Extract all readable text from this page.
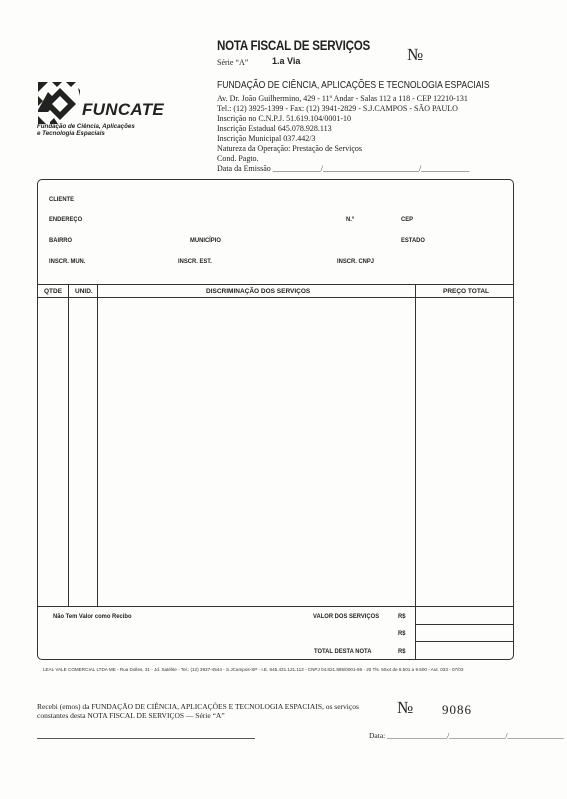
FUNCATE
Fundação de Ciência, Aplicações
e Tecnologia Espaciais
NOTA FISCAL DE SERVIÇOS
Série “A”	1.a Via	№
FUNDAÇÃO DE CIÊNCIA, APLICAÇÕES E TECNOLOGIA ESPACIAIS
Av. Dr. João Guilhermino, 429 - 11º Andar - Salas 112 a 118 - CEP 12210-131
Tel.: (12) 3925-1399 - Fax: (12) 3941-2829 - S.J.CAMPOS - SÃO PAULO
Inscrição no C.N.P.J. 51.619.104/0001-10
Inscrição Estadual 645.078.928.113
Inscrição Municipal 037.442/3
Natureza da Operação: Prestação de Serviços
Cond. Pagto.
Data da Emissão ____________/________________________/____________
CLIENTE
ENDEREÇO	N.º	CEP
BAIRRO	MUNICÍPIO	ESTADO
INSCR. MUN.	INSCR. EST.	INSCR. CNPJ
QTDE UNID.	DISCRIMINAÇÃO DOS SERVIÇOS	PREÇO TOTAL
Não Tem Valor como Recibo	VALOR DOS SERVIÇOS	R$
R$
TOTAL DESTA NOTA	R$
LEAL VALE COMERCIAL LTDA ME - Rua Dolles, 31 - Jd. Satélite - Tel.: (12) 3937-4544 - S.JCampos-SP - I.E. 645.431.121.113 - CNPJ 04.821.895/0001-86 - 20 Tls. 50x4 de 8.501 a 9.500 - Aut. 033 - 07/03
Recebi (emos) da FUNDAÇÃO DE CIÊNCIA, APLICAÇÕES E TECNOLOGIA ESPACIAIS, os serviços
constantes desta NOTA FISCAL DE SERVIÇOS — Série “A”	№ 9086
Data: ________________/_______________/_______________
